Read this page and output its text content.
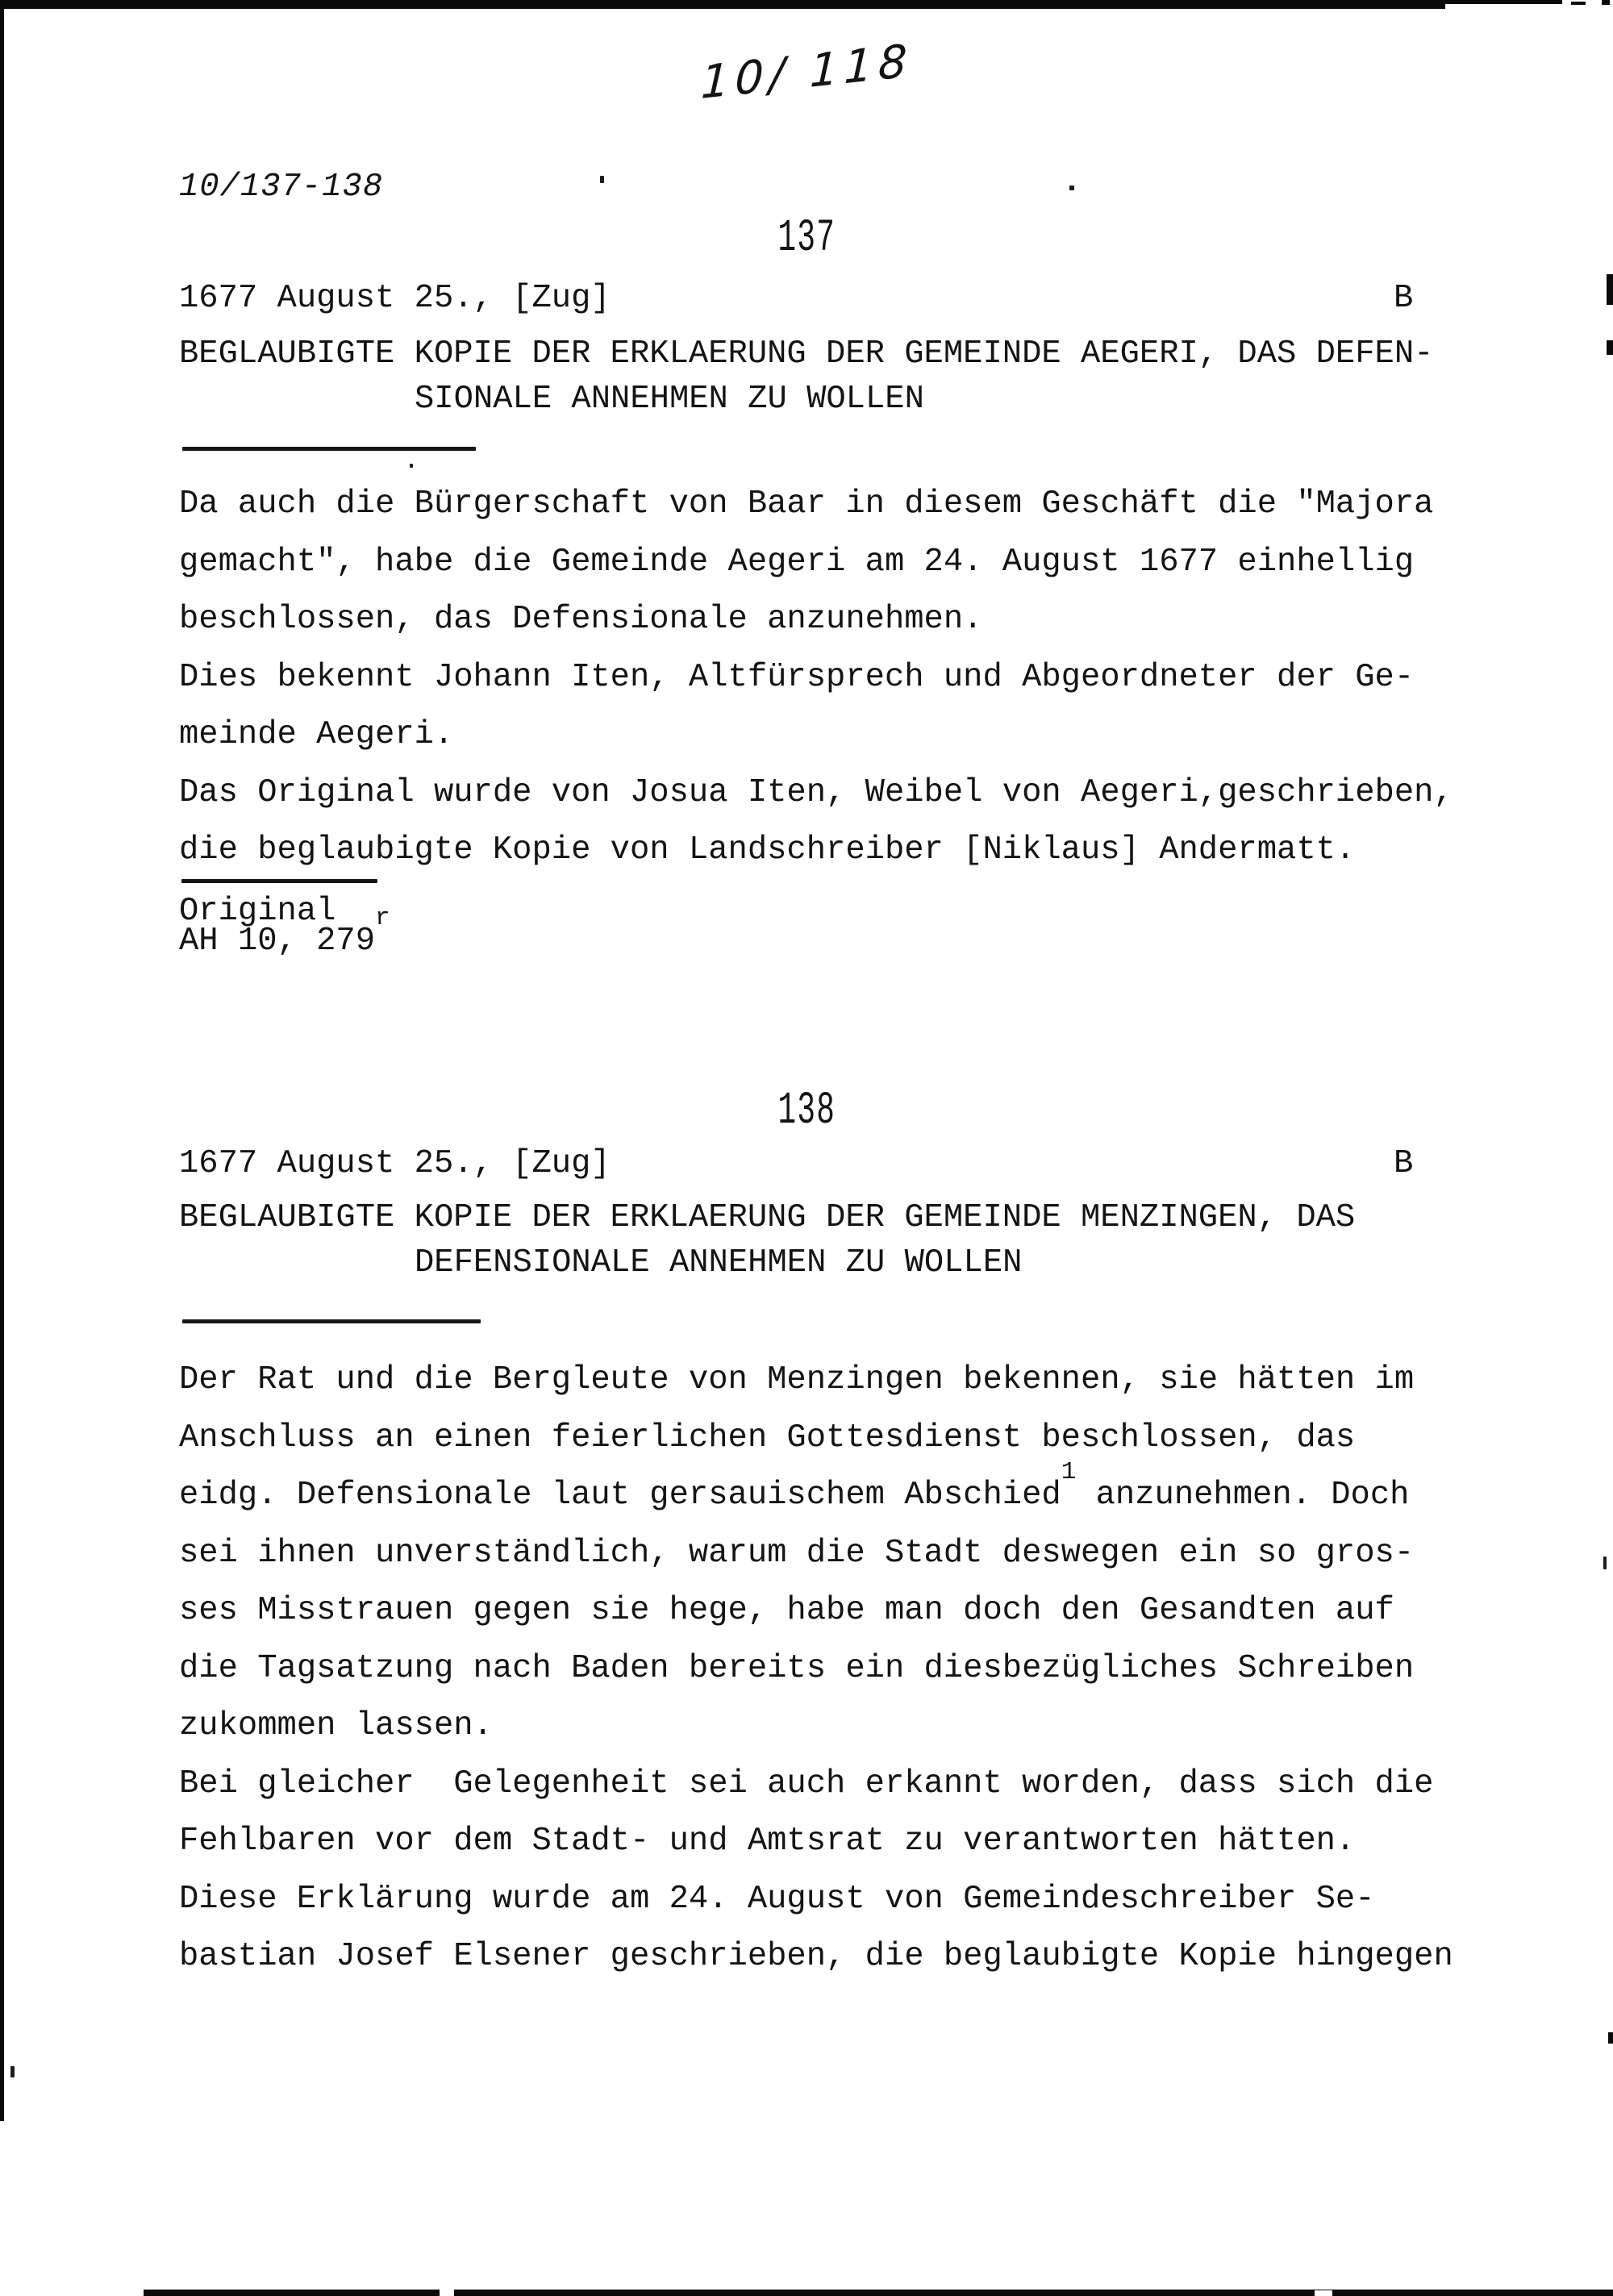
10/ 118
10/137-138
137
1677 August 25., [Zug]	B
BEGLAUBIGTE KOPIE DER ERKLAERUNG DER GEMEINDE AEGERI, DAS DEFEN-
SIONALE ANNEHMEN ZU WOLLEN
Da auch die Bürgerschaft von Baar in diesem Geschäft die "Majora
gemacht", habe die Gemeinde Aegeri am 24. August 1677 einhellig
beschlossen, das Defensionale anzunehmen.
Dies bekennt Johann Iten, Altfürsprech und Abgeordneter der Ge-
meinde Aegeri.
Das Original wurde von Josua Iten, Weibel von Aegeri,geschrieben,
die beglaubigte Kopie von Landschreiber [Niklaus] Andermatt.
Original
AH 10, 279$^r$
138
1677 August 25., [Zug]	B
BEGLAUBIGTE KOPIE DER ERKLAERUNG DER GEMEINDE MENZINGEN, DAS
DEFENSIONALE ANNEHMEN ZU WOLLEN
Der Rat und die Bergleute von Menzingen bekennen, sie hätten im
Anschluss an einen feierlichen Gottesdienst beschlossen, das
eidg. Defensionale laut gersauischem Abschied$^1$ anzunehmen. Doch
sei ihnen unverständlich, warum die Stadt deswegen ein so gros-
ses Misstrauen gegen sie hege, habe man doch den Gesandten auf
die Tagsatzung nach Baden bereits ein diesbezügliches Schreiben
zukommen lassen.
Bei gleicher  Gelegenheit sei auch erkannt worden, dass sich die
Fehlbaren vor dem Stadt- und Amtsrat zu verantworten hätten.
Diese Erklärung wurde am 24. August von Gemeindeschreiber Se-
bastian Josef Elsener geschrieben, die beglaubigte Kopie hingegen
